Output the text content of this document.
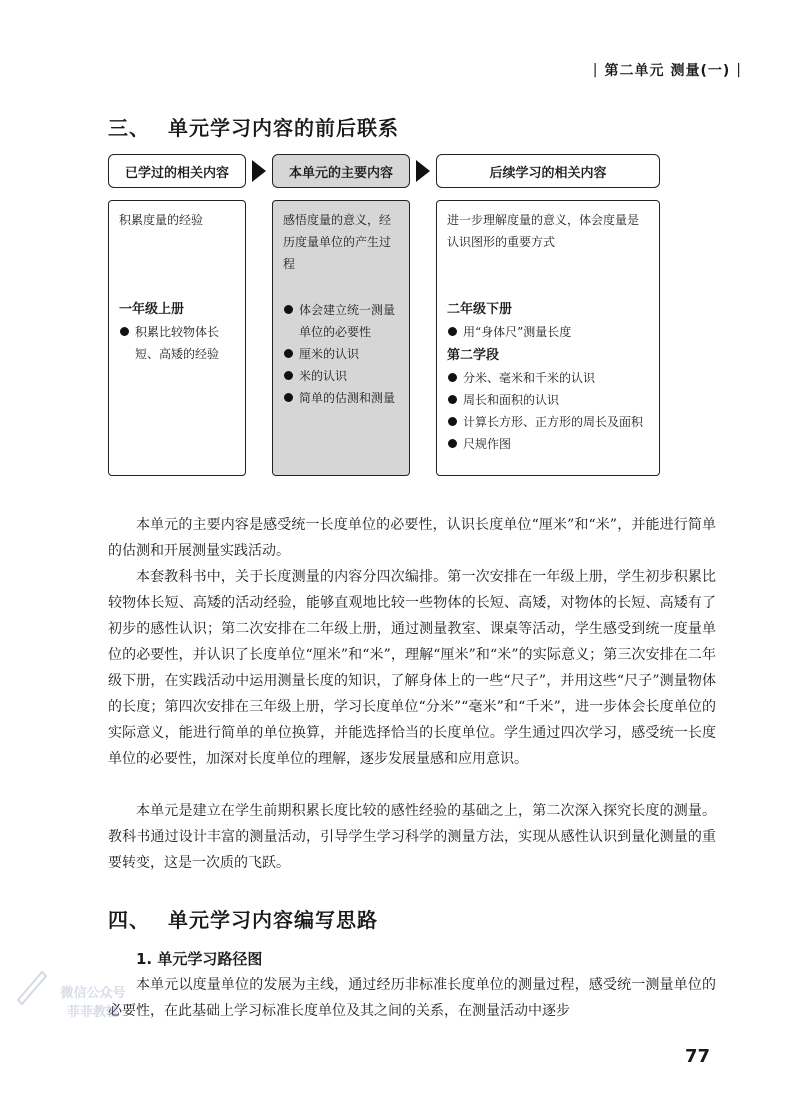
| 第二单元 测量(一) |
三、 单元学习内容的前后联系
已学过的相关内容	本单元的主要内容	后续学习的相关内容
积累度量的经验
一年级上册
积累比较物体长短、高矮的经验
感悟度量的意义，经历度量单位的产生过程
体会建立统一测量单位的必要性
厘米的认识
米的认识
简单的估测和测量
进一步理解度量的意义，体会度量是认识图形的重要方式
二年级下册
用“身体尺”测量长度
第二学段
分米、毫米和千米的认识
周长和面积的认识
计算长方形、正方形的周长及面积
尺规作图

本单元的主要内容是感受统一长度单位的必要性，认识长度单位“厘米”和“米”，并能进行简单的估测和开展测量实践活动。

本套教科书中，关于长度测量的内容分四次编排。第一次安排在一年级上册，学生初步积累比较物体长短、高矮的活动经验，能够直观地比较一些物体的长短、高矮，对物体的长短、高矮有了初步的感性认识；第二次安排在二年级上册，通过测量教室、课桌等活动，学生感受到统一度量单位的必要性，并认识了长度单位“厘米”和“米”，理解“厘米”和“米”的实际意义；第三次安排在二年级下册，在实践活动中运用测量长度的知识，了解身体上的一些“尺子”，并用这些“尺子”测量物体的长度；第四次安排在三年级上册，学习长度单位“分米”“毫米”和“千米”，进一步体会长度单位的实际意义，能进行简单的单位换算，并能选择恰当的长度单位。学生通过四次学习，感受统一长度单位的必要性，加深对长度单位的理解，逐步发展量感和应用意识。

本单元是建立在学生前期积累长度比较的感性经验的基础之上，第二次深入探究长度的测量。教科书通过设计丰富的测量活动，引导学生学习科学的测量方法，实现从感性认识到量化测量的重要转变，这是一次质的飞跃。

四、 单元学习内容编写思路
1. 单元学习路径图

本单元以度量单位的发展为主线，通过经历非标准长度单位的测量过程，感受统一测量单位的必要性，在此基础上学习标准长度单位及其之间的关系，在测量活动中逐步

微信公众号
菲菲教辅
77
